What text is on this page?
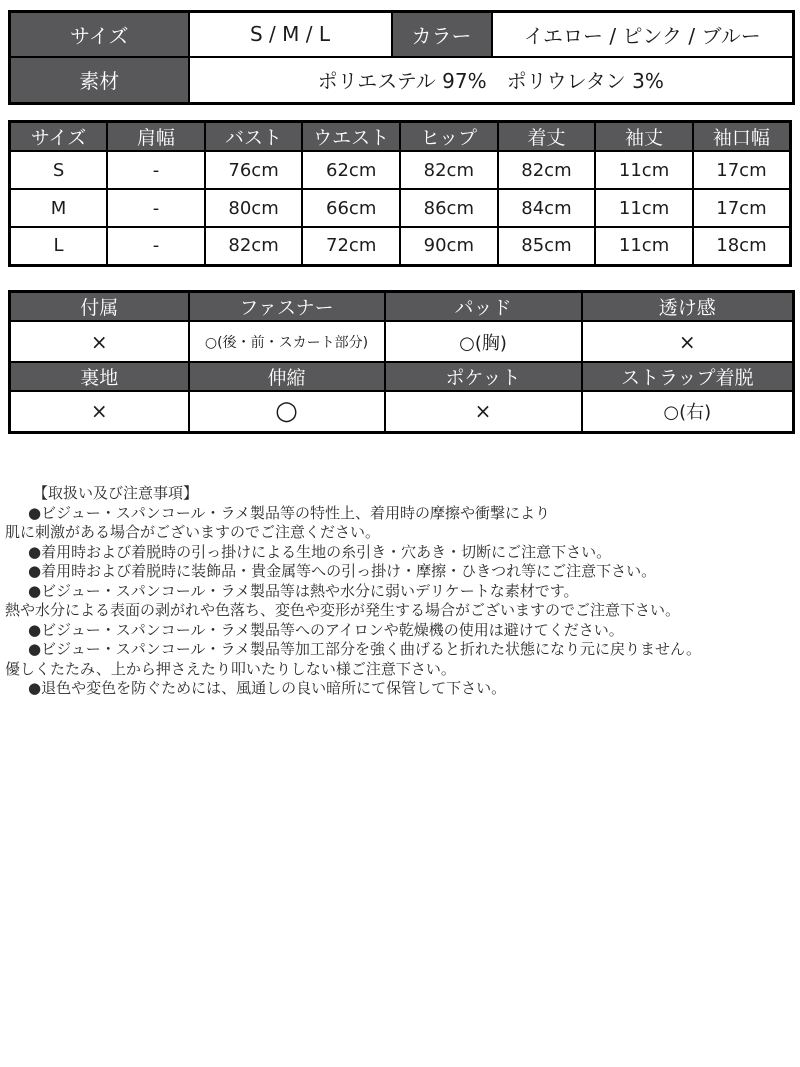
サイズ	S / M / L	カラー	イエロー / ピンク / ブルー
素材	ポリエステル 97%　ポリウレタン 3%		
サイズ	肩幅	バスト	ウエスト	ヒップ	着丈	袖丈	袖口幅
S	-	76cm	62cm	82cm	82cm	11cm	17cm
M	-	80cm	66cm	86cm	84cm	11cm	17cm
L	-	82cm	72cm	90cm	85cm	11cm	18cm
付属	ファスナー	パッド	透け感
×	○(後・前・スカート部分)	○(胸)	×
裏地	伸縮	ポケット	ストラップ着脱
×	○	×	○(右)
【取扱い及び注意事項】
●ビジュー・スパンコール・ラメ製品等の特性上、着用時の摩擦や衝撃により
肌に刺激がある場合がございますのでご注意ください。
●着用時および着脱時の引っ掛けによる生地の糸引き・穴あき・切断にご注意下さい。
●着用時および着脱時に装飾品・貴金属等への引っ掛け・摩擦・ひきつれ等にご注意下さい。
●ビジュー・スパンコール・ラメ製品等は熱や水分に弱いデリケートな素材です。
熱や水分による表面の剥がれや色落ち、変色や変形が発生する場合がございますのでご注意下さい。
●ビジュー・スパンコール・ラメ製品等へのアイロンや乾燥機の使用は避けてください。
●ビジュー・スパンコール・ラメ製品等加工部分を強く曲げると折れた状態になり元に戻りません。
優しくたたみ、上から押さえたり叩いたりしない様ご注意下さい。
●退色や変色を防ぐためには、風通しの良い暗所にて保管して下さい。
